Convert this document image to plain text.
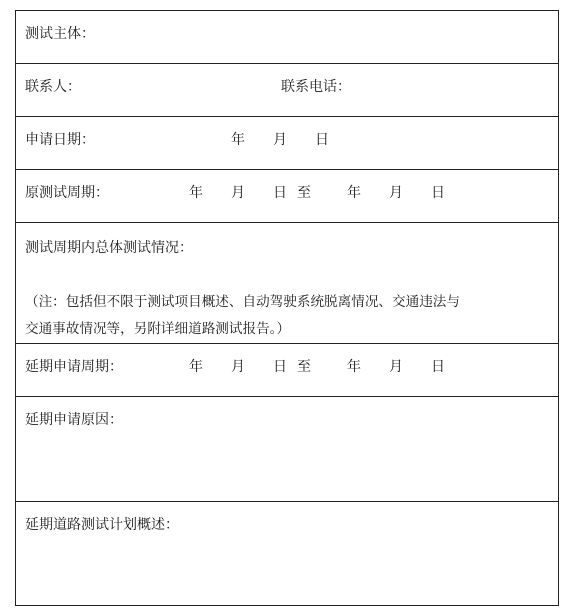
测试主体：
联系人：	联系电话：
申请日期：	年 月 日
原测试周期：	年 月 日 至	年 月 日
测试周期内总体测试情况：
（注：包括但不限于测试项目概述、自动驾驶系统脱离情况、交通违法与
交通事故情况等，另附详细道路测试报告。）
延期申请周期：	年 月 日 至	年 月 日
延期申请原因：
延期道路测试计划概述：
